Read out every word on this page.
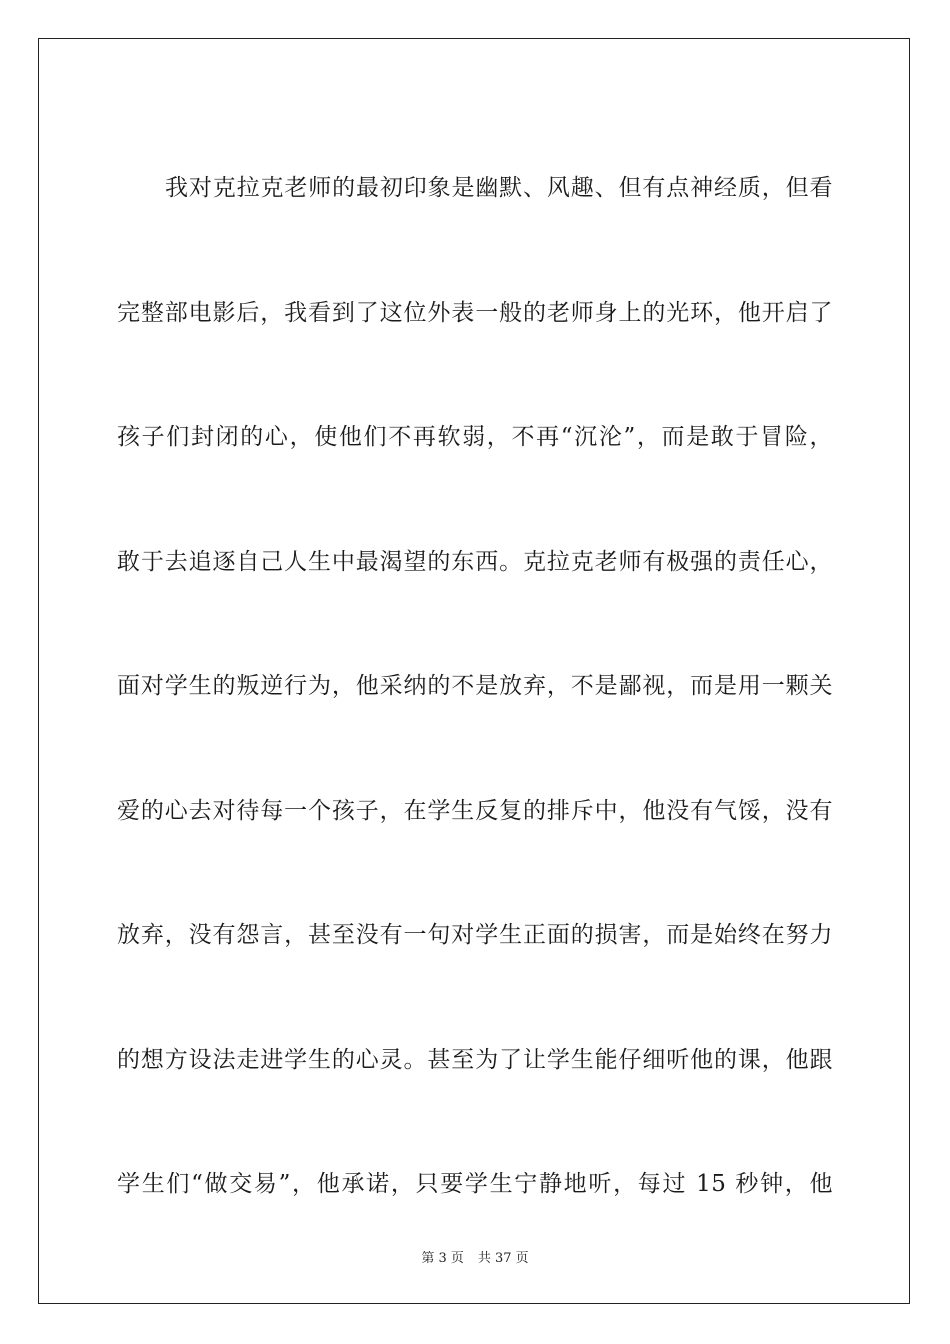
我对克拉克老师的最初印象是幽默、风趣、但有点神经质，但看
完整部电影后，我看到了这位外表一般的老师身上的光环，他开启了
孩子们封闭的心，使他们不再软弱，不再“沉沦”，而是敢于冒险，
敢于去追逐自己人生中最渴望的东西。克拉克老师有极强的责任心，
面对学生的叛逆行为，他采纳的不是放弃，不是鄙视，而是用一颗关
爱的心去对待每一个孩子，在学生反复的排斥中，他没有气馁，没有
放弃，没有怨言，甚至没有一句对学生正面的损害，而是始终在努力
的想方设法走进学生的心灵。甚至为了让学生能仔细听他的课，他跟
学生们“做交易”，他承诺，只要学生宁静地听，每过 15 秒钟，他
第 3 页 共 37 页
